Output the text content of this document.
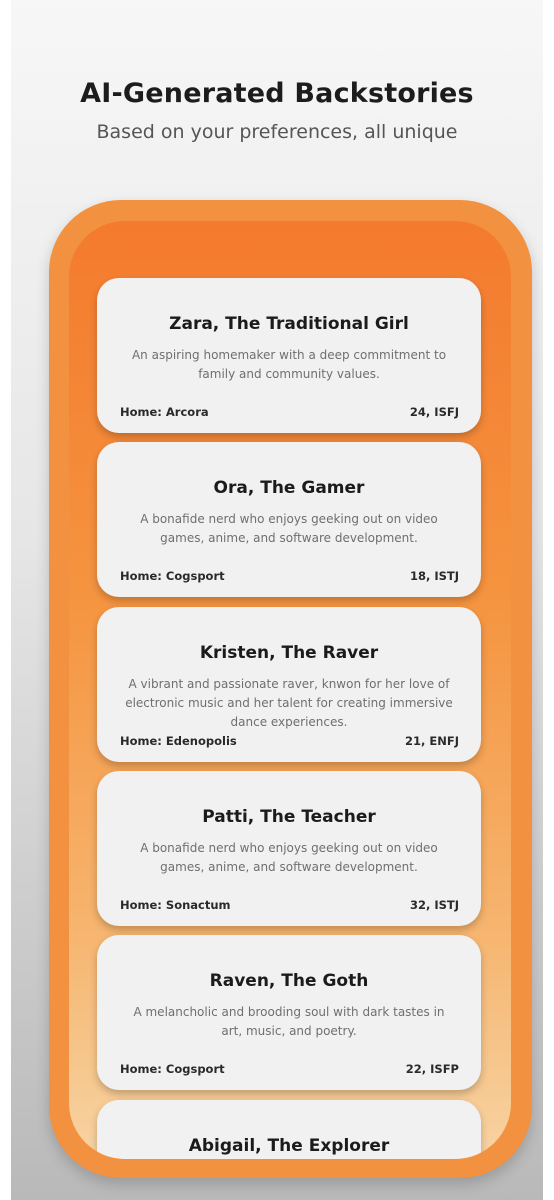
AI-Generated Backstories
Based on your preferences, all unique
Zara, The Traditional Girl
An aspiring homemaker with a deep commitment to family and community values.
Home: Arcora	24, ISFJ
Ora, The Gamer
A bonafide nerd who enjoys geeking out on video games, anime, and software development.
Home: Cogsport	18, ISTJ
Kristen, The Raver
A vibrant and passionate raver, knwon for her love of electronic music and her talent for creating immersive dance experiences.
Home: Edenopolis	21, ENFJ
Patti, The Teacher
A bonafide nerd who enjoys geeking out on video games, anime, and software development.
Home: Sonactum	32, ISTJ
Raven, The Goth
A melancholic and brooding soul with dark tastes in art, music, and poetry.
Home: Cogsport	22, ISFP
Abigail, The Explorer
